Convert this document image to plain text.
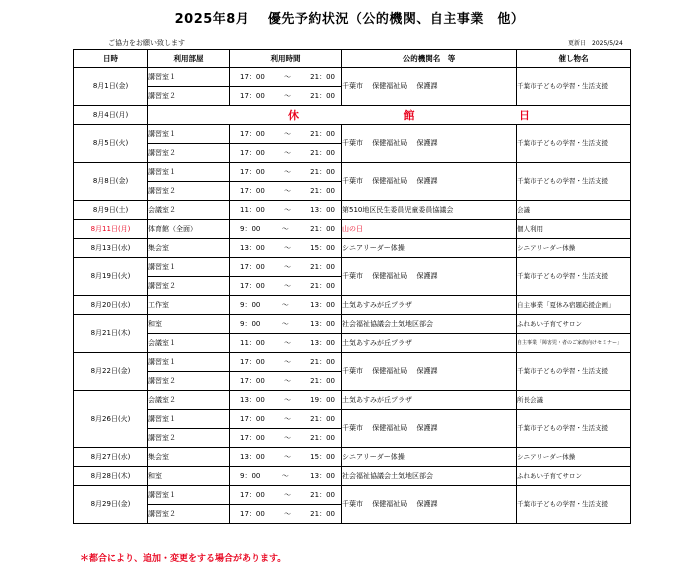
2025年8月　 優先予約状況（公的機関、自主事業　他）
ご協力をお願い致します	更新日　2025/5/24
日時	利用部屋	利用時間	公的機関名　等	催し物名
8月1日(金)	講習室１	17：00 ～ 21：00	千葉市　 保健福祉局　 保護課	千葉市子どもの学習・生活支援
	講習室２	17：00 ～ 21：00		

8月4日(月)	休 館 日			

8月5日(火)	講習室１	17：00 ～ 21：00	千葉市　 保健福祉局　 保護課	千葉市子どもの学習・生活支援
	講習室２	17：00 ～ 21：00		

8月8日(金)	講習室１	17：00 ～ 21：00	千葉市　 保健福祉局　 保護課	千葉市子どもの学習・生活支援
	講習室２	17：00 ～ 21：00		

8月9日(土)	会議室２	11：00 ～ 13：00	第510地区民生委員児童委員協議会	会議
8月11日(月)	体育館（全面）	9：00 ～ 21：00	山の日	個人利用
8月13日(水)	集会室	13：00 ～ 15：00	シニアリーダー体操	シニアリーダー体操
8月19日(火)	講習室１	17：00 ～ 21：00	千葉市　 保健福祉局　 保護課	千葉市子どもの学習・生活支援
	講習室２	17：00 ～ 21：00		

8月20日(水)	工作室	9：00 ～ 13：00	土気あすみが丘プラザ	自主事業「夏休み宿題応援企画」
8月21日(木)	和室	9：00 ～ 13：00	社会福祉協議会土気地区部会	ふれあい子育てサロン
	会議室１	11：00 ～ 13：00	土気あすみが丘プラザ	自主事業「障害児・者のご家族向けセミナー」
8月22日(金)	講習室１	17：00 ～ 21：00	千葉市　 保健福祉局　 保護課	千葉市子どもの学習・生活支援
	講習室２	17：00 ～ 21：00		

8月26日(火)	会議室２	13：00 ～ 19：00	土気あすみが丘プラザ	所長会議
	講習室１	17：00 ～ 21：00	千葉市　 保健福祉局　 保護課	千葉市子どもの学習・生活支援
	講習室２	17：00 ～ 21：00		

8月27日(水)	集会室	13：00 ～ 15：00	シニアリーダー体操	シニアリーダー体操
8月28日(木)	和室	9：00 ～ 13：00	社会福祉協議会土気地区部会	ふれあい子育てサロン
8月29日(金)	講習室１	17：00 ～ 21：00	千葉市　 保健福祉局　 保護課	千葉市子どもの学習・生活支援
	講習室２	17：00 ～ 21：00		
＊都合により、追加・変更をする場合があります。
